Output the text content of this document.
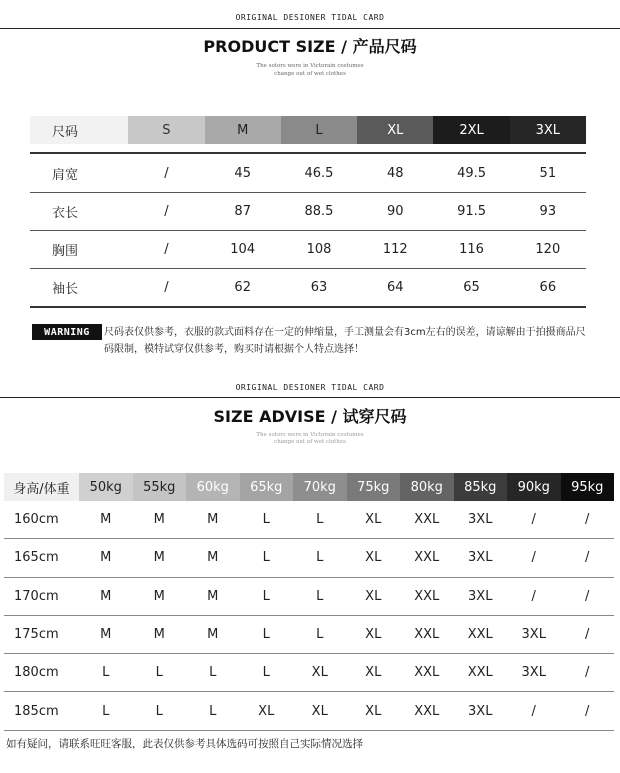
ORIGINAL DESIONER TIDAL CARD
PRODUCT SIZE / 产品尺码
The sotors were in Victorain costumes
change out of wet clothes
尺码	S	M	L	XL	2XL	3XL
肩宽	/	45	46.5	48	49.5	51
衣长	/	87	88.5	90	91.5	93
胸围	/	104	108	112	116	120
袖长	/	62	63	64	65	66
WARNING	尺码表仅供参考，衣服的款式面料存在一定的伸缩量，手工测量会有3cm左右的误差，请谅解由于拍摄商品尺码限制，模特试穿仅供参考，购买时请根据个人特点选择！
ORIGINAL DESIONER TIDAL CARD
SIZE ADVISE / 试穿尺码
The sotors were in Victorain costumes
change out of wet clothes
身高/体重	50kg	55kg	60kg	65kg	70kg	75kg	80kg	85kg	90kg	95kg
160cm	M	M	M	L	L	XL	XXL	3XL	/	/
165cm	M	M	M	L	L	XL	XXL	3XL	/	/
170cm	M	M	M	L	L	XL	XXL	3XL	/	/
175cm	M	M	M	L	L	XL	XXL	XXL	3XL	/
180cm	L	L	L	L	XL	XL	XXL	XXL	3XL	/
185cm	L	L	L	XL	XL	XL	XXL	3XL	/	/
如有疑问，请联系旺旺客服，此表仅供参考具体选码可按照自己实际情况选择
